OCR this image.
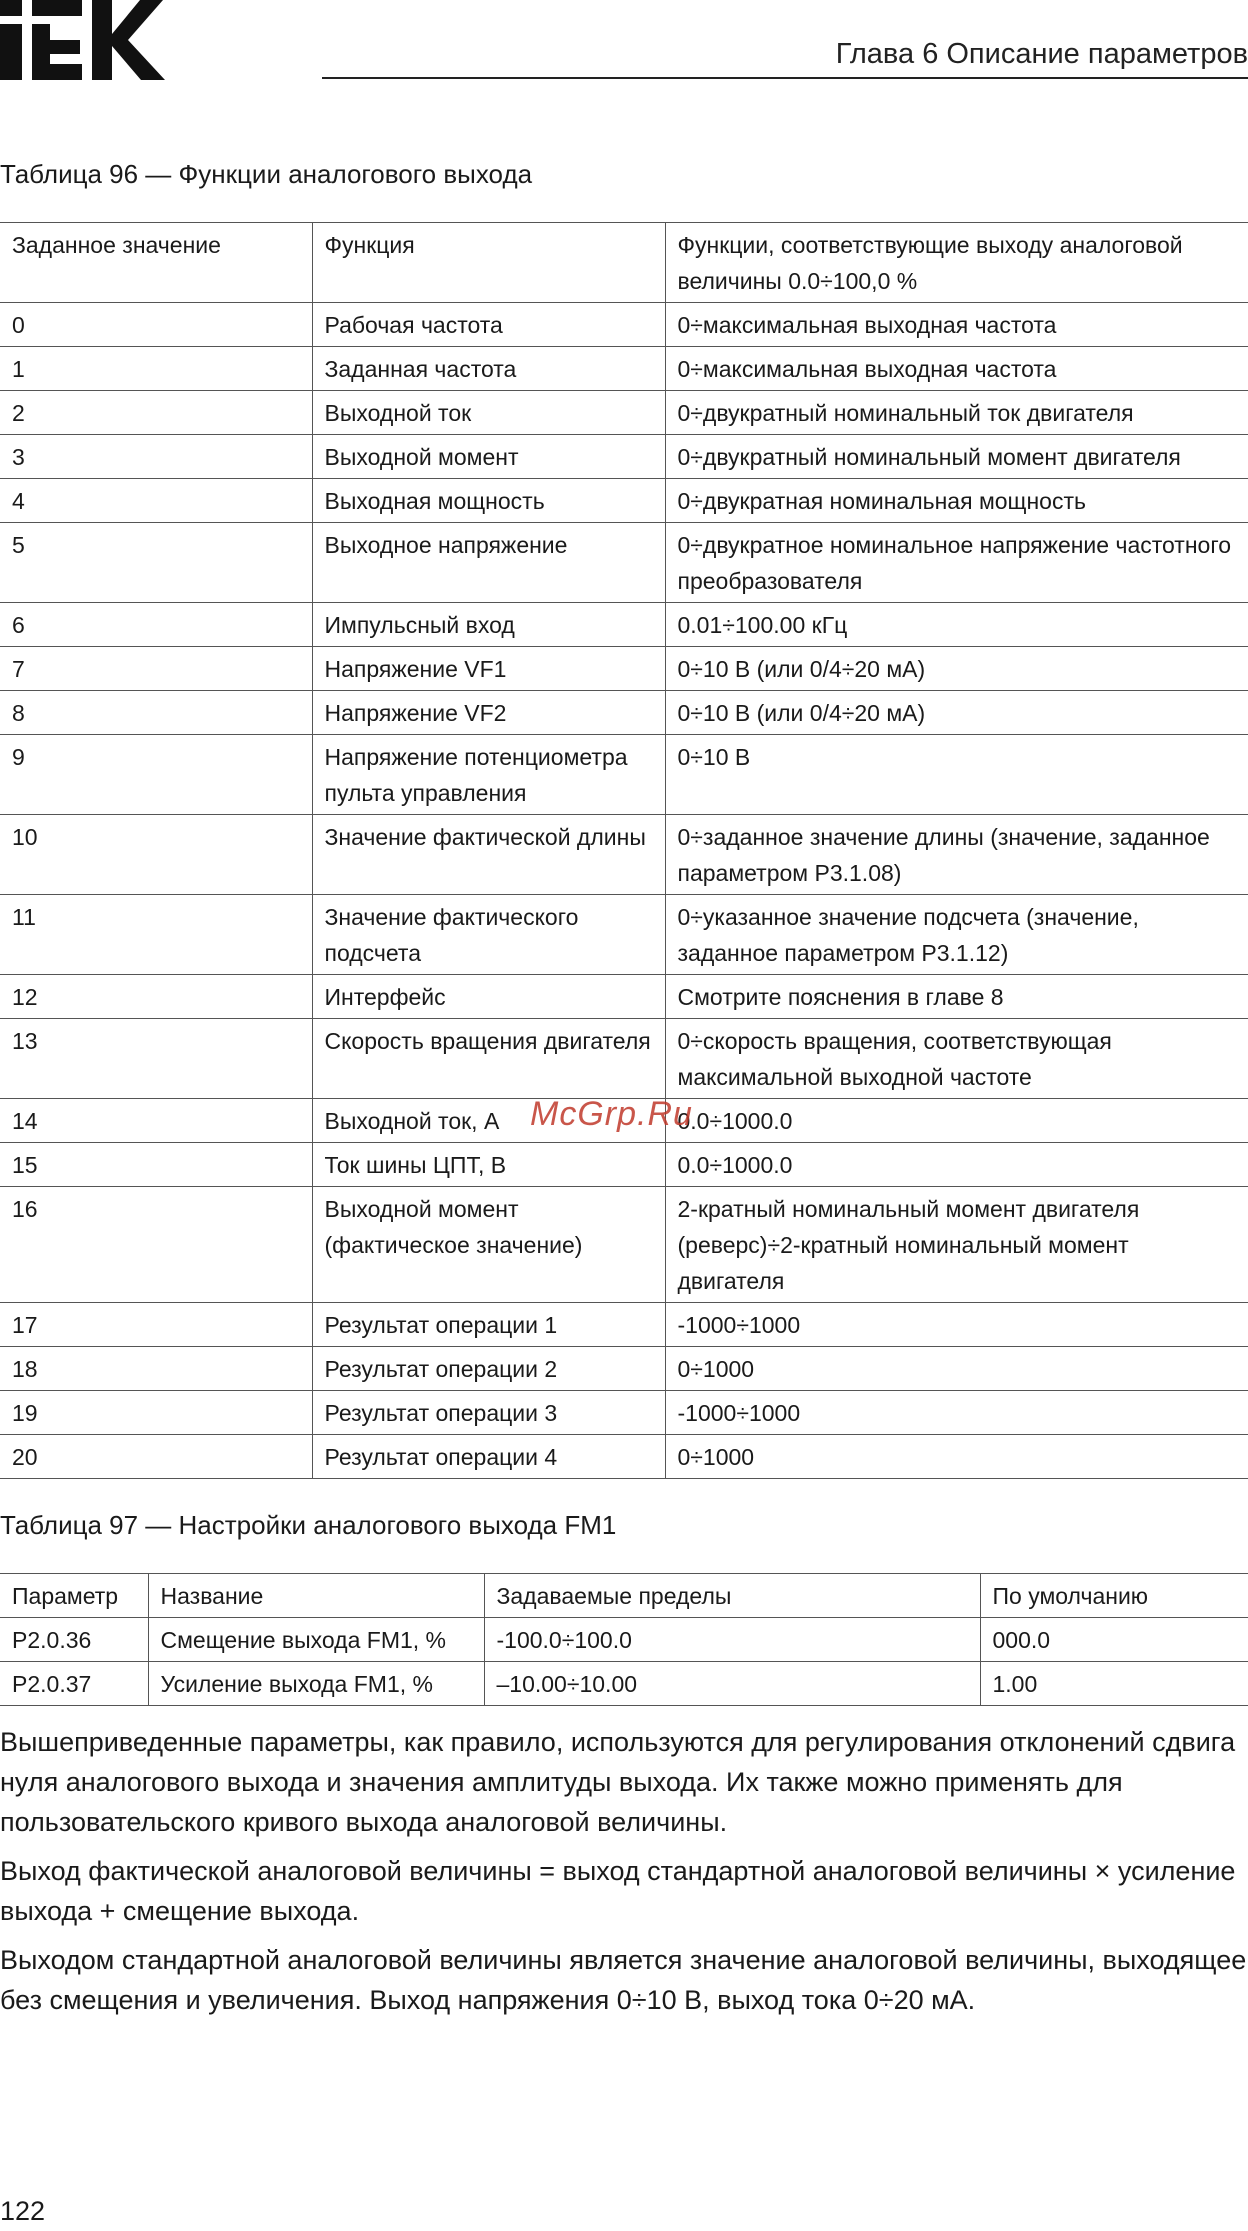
Глава 6 Описание параметров
Таблица 96 — Функции аналогового выхода
Заданное значение	Функция	Функции, соответствующие выходу аналоговой величины 0.0÷100,0 %
0	Рабочая частота	0÷максимальная выходная частота
1	Заданная частота	0÷максимальная выходная частота
2	Выходной ток	0÷двукратный номинальный ток двигателя
3	Выходной момент	0÷двукратный номинальный момент двигателя
4	Выходная мощность	0÷двукратная номинальная мощность
5	Выходное напряжение	0÷двукратное номинальное напряжение частотного преобразователя
6	Импульсный вход	0.01÷100.00 кГц
7	Напряжение VF1	0÷10 В (или 0/4÷20 мА)
8	Напряжение VF2	0÷10 В (или 0/4÷20 мА)
9	Напряжение потенциометра пульта управления	0÷10 В
10	Значение фактической длины	0÷заданное значение длины (значение, заданное параметром P3.1.08)
11	Значение фактического подсчета	0÷указанное значение подсчета (значение, заданное параметром P3.1.12)
12	Интерфейс	Смотрите пояснения в главе 8
13	Скорость вращения двигателя	0÷скорость вращения, соответствующая максимальной выходной частоте
14	Выходной ток, А	0.0÷1000.0
15	Ток шины ЦПТ, В	0.0÷1000.0
16	Выходной момент (фактическое значение)	2-кратный номинальный момент двигателя (реверс)÷2-кратный номинальный момент двигателя
17	Результат операции 1	-1000÷1000
18	Результат операции 2	0÷1000
19	Результат операции 3	-1000÷1000
20	Результат операции 4	0÷1000
Таблица 97 — Настройки аналогового выхода FM1
Параметр	Название	Задаваемые пределы	По умолчанию
P2.0.36	Смещение выхода FM1, %	-100.0÷100.0	000.0
P2.0.37	Усиление выхода FM1, %	–10.00÷10.00	1.00

Вышеприведенные параметры, как правило, используются для регулирования отклонений сдвига нуля аналогового выхода и значения амплитуды выхода. Их также можно применять для пользовательского кривого выхода аналоговой величины.

Выход фактической аналоговой величины = выход стандартной аналоговой величины × усиление выхода + смещение выхода.

Выходом стандартной аналоговой величины является значение аналоговой величины, выходящее без смещения и увеличения. Выход напряжения 0÷10 В, выход тока 0÷20 мА.

McGrp.Ru
122
